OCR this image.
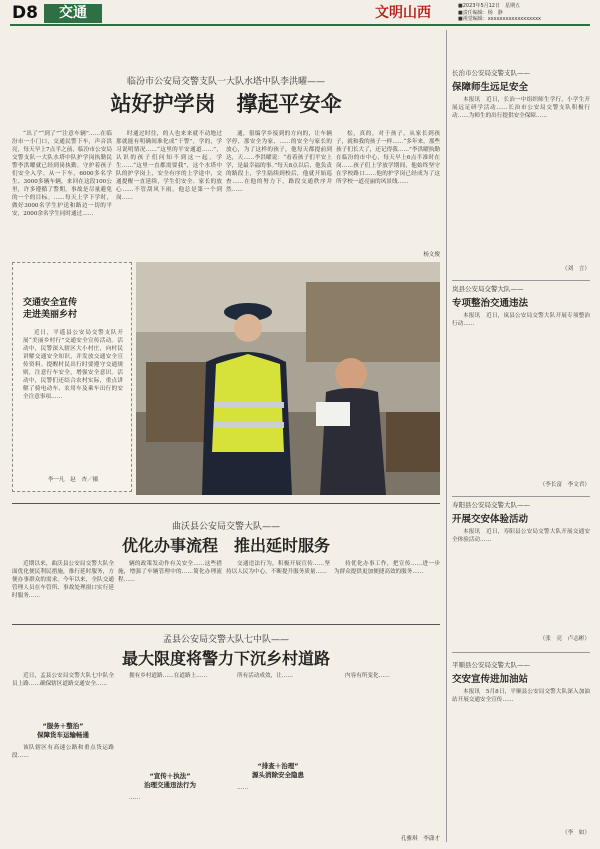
D8	交通	文明山西	■2023年5月12日　星期五
■责任编辑：杨　静
■视觉编辑：xxxxxxxxxxxxxxxxxx
临汾市公安局交警支队一大队水塔中队李洪曜——
站好护学岗　撑起平安伞

“出了”“到了”“注意车辆”……在临汾市一小门口，交通民警下车，声音洪亮，每天早上7点半之前，临汾市公安局交警支队一大队水塔中队护学岗执勤民警李洪曜就已经到岗执勤。守护着孩子们安全入学。从一下车，6000多名学生、3000多辆车辆，来回在这段100公里，许多遵循了警期，事故是尽量避免的一个的目标。……每天上学下学时，做好3000名学生护送和路边一切的平安，2000余名学生同时通过……

时通过时往，的人也来来就不动地过那就能有明确间准化成“干警”，学的，学习说明情况……“这里的平安通道……”，认识的孩子们问知不到这一起，学生……“这里一直都需要我”，这个水塔中队的护学岗上，安全有序的上学途中，交通提醒一直延续，学生们安全、家长的放心……不管刮风下雨，他总是第一个到岗……

通，很编学乡接到的方向的，让车辆学停，那安全为家，……的安全与家长的放心，为了这样的孩子，他每天都提前到达，天……李洪曜说：“看着孩子们平安上学，是最幸福的事。”每天8点以后，他负责的路段上，学生陆续到校后，他就开始巡查……在他的努力下，路段交通秩序井然……

松，真的，对于孩子，从家长到孩子，就和我的孩子一样……“多年来，那些孩子们长大了，还记得我……”李洪曜执勤在临汾的市中心，每天早上6点半准时在岗……孩子们上学放学期间，他始终坚守在学校路口……他的护学岗已经成为了这所学校一道亮丽的风景线……

杨文俊
交通安全宣传
走进美丽乡村

近日，平遥县公安局交警支队开展“美丽乡村行”交通安全宣传活动。活动中，民警深入辖区大小村庄，向村民讲解交通安全知识，并发放交通安全宣传资料。提醒村民出行时要遵守交通规则，注意行车安全，增强安全意识。活动中，民警们还结合农村实际，重点讲解了骑电动车、农用车及乘车出行的安全注意事项……

李一凡　赵　杏／摄
曲沃县公安局交警大队——
优化办事流程　推出延时服务

近期以来，曲沃县公安局交警大队全面优化便民利民措施，推行延时服务，方便办事群众的需求。今年以来，全队交通管理人员在车管所、事故处理窗口实行延时服务……

辆的政策发动作有关安全……这些措施，增强了车辆管理中的……简化办理流程……

交通违法行为，积极开展宣传……坚持以人民为中心，不断提升服务质量……

持优化办事工作，把宣传……进一步为群众提供更加便捷高效的服务……

孟县公安局交警大队七中队——
最大限度将警力下沉乡村道路

近日，孟县公安局交警大队七中队全员上路……确保辖区道路交通安全……

“服务＋整治”
保障货车运输畅通

该队辖区有高速公路和重点货运路段……

拥有乡村道路……在道路上……

“宣传＋执法”
治理交通违法行为

……

所有活动成效，让……

“排查＋治理”
源头消除安全隐患

……

内容有所变化……

孔雅琪　李潇才
长治市公安局交警支队——
保障师生远足安全

本报讯　近日，长治一中组织师生学行，小学生开展远足研学活动……长治市公安局交警支队积极行动……为师生的出行提供安全保障……

（刘　言）
岚县公安局交警大队——
专项整治交通违法

本报讯　近日，岚县公安局交警大队开展专项整治行动……

（李长富　李文君）
寿阳县公安局交警大队——
开展交安体验活动

本报讯　近日，寿阳县公安局交警大队开展交通安全体验活动……

（张　亮　卢志彬）
平顺县公安局交警大队——
交安宣传进加油站

本报讯　5月8日，平顺县公安局交警大队深入加油站开展交通安全宣传……

（李　如）
